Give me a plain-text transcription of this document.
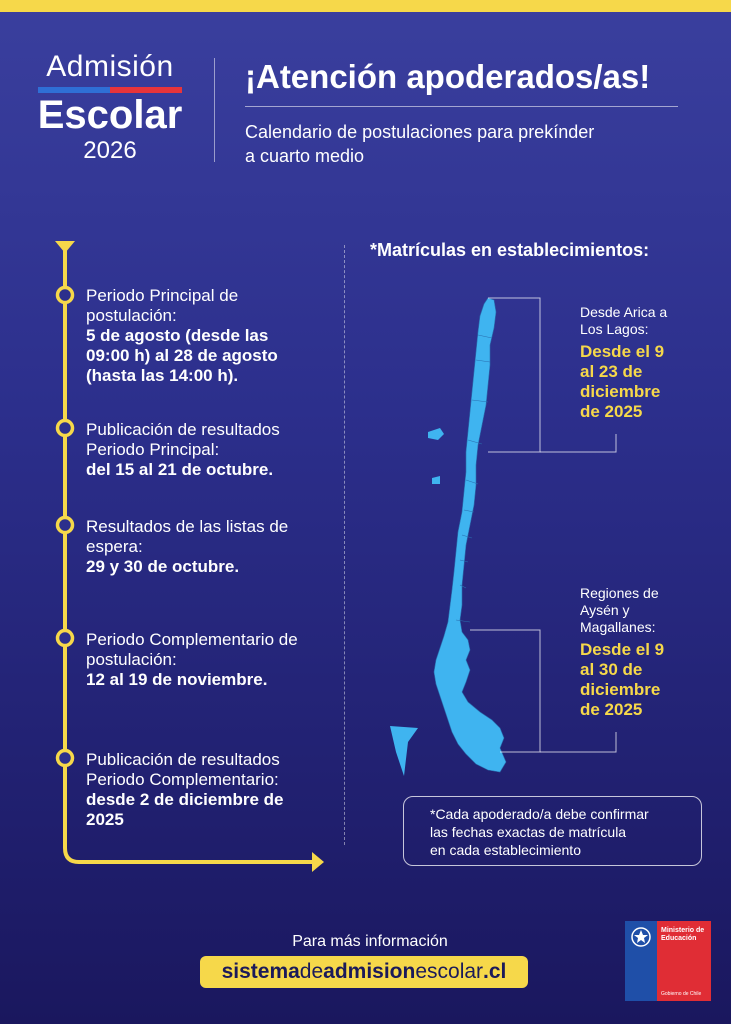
Admisión
Escolar
2026
¡Atención apoderados/as!
Calendario de postulaciones para prekínder
a cuarto medio
Periodo Principal de
postulación:
5 de agosto (desde las
09:00 h) al 28 de agosto
(hasta las 14:00 h).
Publicación de resultados
Periodo Principal:
del 15 al 21 de octubre.
Resultados de las listas de
espera:
29 y 30 de octubre.
Periodo Complementario de
postulación:
12 al 19 de noviembre.
Publicación de resultados
Periodo Complementario:
desde 2 de diciembre de
2025
*Matrículas en establecimientos:
Desde Arica a
Los Lagos:
Desde el 9
al 23 de
diciembre
de 2025
Regiones de
Aysén y
Magallanes:
Desde el 9
al 30 de
diciembre
de 2025
*Cada apoderado/a debe confirmar
las fechas exactas de matrícula
en cada establecimiento
Para más información
sistemadeadmisionescolar.cl
Ministerio de
Educación
Gobierno de Chile
